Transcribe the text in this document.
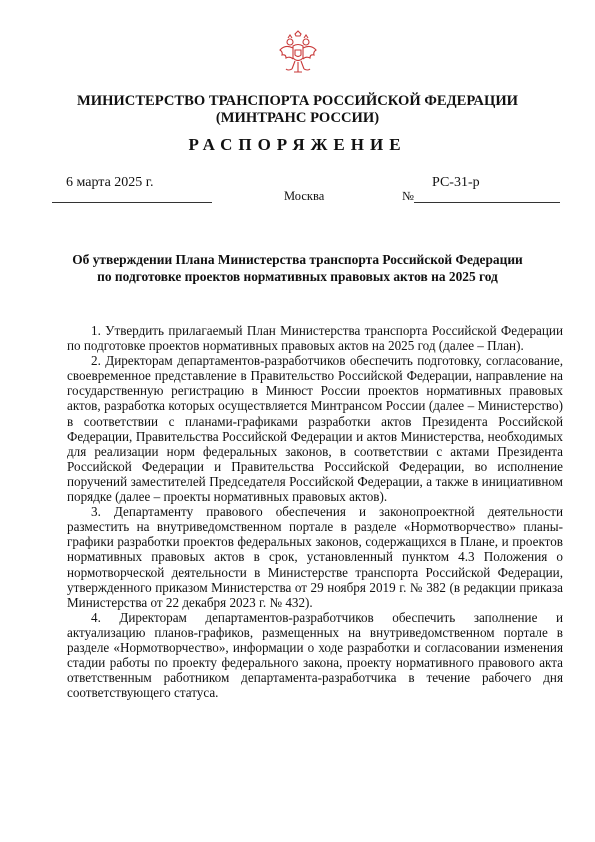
МИНИСТЕРСТВО ТРАНСПОРТА РОССИЙСКОЙ ФЕДЕРАЦИИ
(МИНТРАНС РОССИИ)
РАСПОРЯЖЕНИЕ
6 марта 2025 г.
Москва	№
РС-31-р
Об утверждении Плана Министерства транспорта Российской Федерации
по подготовке проектов нормативных правовых актов на 2025 год

1. Утвердить прилагаемый План Министерства транспорта Российской Федерации по подготовке проектов нормативных правовых актов на 2025 год (далее – План).

2. Директорам департаментов-разработчиков обеспечить подготовку, согласование, своевременное представление в Правительство Российской Федерации, направление на государственную регистрацию в Минюст России проектов нормативных правовых актов, разработка которых осуществляется Минтрансом России (далее – Министерство) в соответствии с планами-графиками разработки актов Президента Российской Федерации, Правительства Российской Федерации и актов Министерства, необходимых для реализации норм федеральных законов, в соответствии с актами Президента Российской Федерации и Правительства Российской Федерации, во исполнение поручений заместителей Председателя Российской Федерации, а также в инициативном порядке (далее – проекты нормативных правовых актов).

3. Департаменту правового обеспечения и законопроектной деятельности разместить на внутриведомственном портале в разделе «Нормотворчество» планы-графики разработки проектов федеральных законов, содержащихся в Плане, и проектов нормативных правовых актов в срок, установленный пунктом 4.3 Положения о нормотворческой деятельности в Министерстве транспорта Российской Федерации, утвержденного приказом Министерства от 29 ноября 2019 г. № 382 (в редакции приказа Министерства от 22 декабря 2023 г. № 432).

4. Директорам департаментов-разработчиков обеспечить заполнение и актуализацию планов-графиков, размещенных на внутриведомственном портале в разделе «Нормотворчество», информации о ходе разработки и согласовании изменения стадии работы по проекту федерального закона, проекту нормативного правового акта ответственным работником департамента-разработчика в течение рабочего дня соответствующего статуса.
